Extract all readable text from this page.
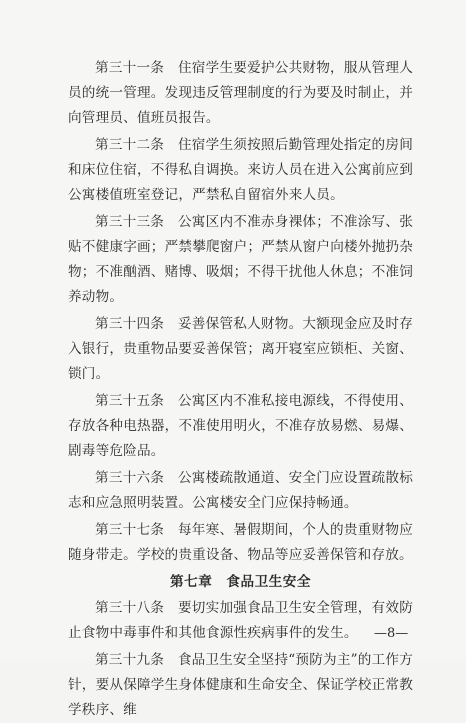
第三十一条　住宿学生要爱护公共财物，服从管理人员的统一管理。发现违反管理制度的行为要及时制止，并向管理员、值班员报告。

第三十二条　住宿学生须按照后勤管理处指定的房间和床位住宿，不得私自调换。来访人员在进入公寓前应到公寓楼值班室登记，严禁私自留宿外来人员。

第三十三条　公寓区内不准赤身裸体；不准涂写、张贴不健康字画；严禁攀爬窗户；严禁从窗户向楼外抛扔杂物；不准酗酒、赌博、吸烟；不得干扰他人休息；不准饲养动物。

第三十四条　妥善保管私人财物。大额现金应及时存入银行，贵重物品要妥善保管；离开寝室应锁柜、关窗、锁门。

第三十五条　公寓区内不准私接电源线，不得使用、存放各种电热器，不准使用明火，不准存放易燃、易爆、剧毒等危险品。

第三十六条　公寓楼疏散通道、安全门应设置疏散标志和应急照明装置。公寓楼安全门应保持畅通。

第三十七条　每年寒、暑假期间，个人的贵重财物应随身带走。学校的贵重设备、物品等应妥善保管和存放。

第七章　食品卫生安全

第三十八条　要切实加强食品卫生安全管理，有效防止食物中毒事件和其他食源性疾病事件的发生。

第三十九条　食品卫生安全坚持“预防为主”的工作方针，要从保障学生身体健康和生命安全、保证学校正常教学秩序、维

—8—
